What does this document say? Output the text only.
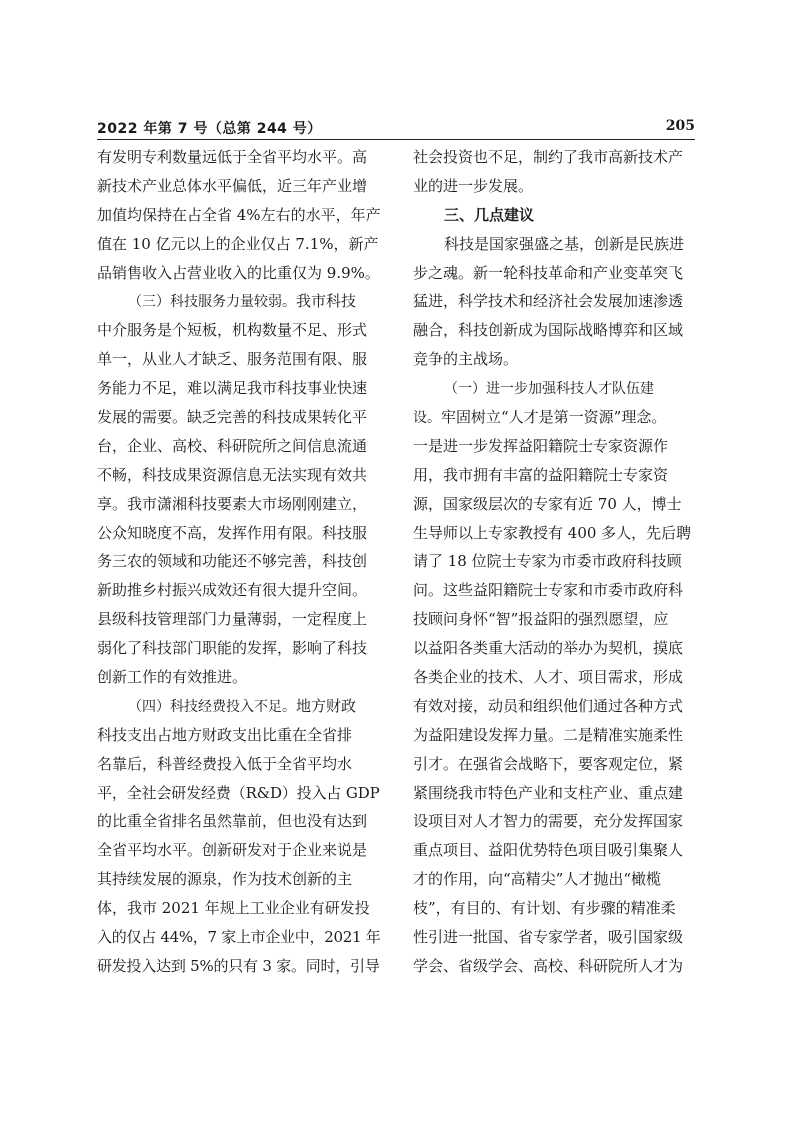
2022 年第 7 号（总第 244 号）	205
有发明专利数量远低于全省平均水平。高
新技术产业总体水平偏低，近三年产业增
加值均保持在占全省 4%左右的水平，年产
值在 10 亿元以上的企业仅占 7.1%，新产
品销售收入占营业收入的比重仅为 9.9%。
（三）科技服务力量较弱。我市科技
中介服务是个短板，机构数量不足、形式
单一，从业人才缺乏、服务范围有限、服
务能力不足，难以满足我市科技事业快速
发展的需要。缺乏完善的科技成果转化平
台，企业、高校、科研院所之间信息流通
不畅，科技成果资源信息无法实现有效共
享。我市潇湘科技要素大市场刚刚建立，
公众知晓度不高，发挥作用有限。科技服
务三农的领域和功能还不够完善，科技创
新助推乡村振兴成效还有很大提升空间。
县级科技管理部门力量薄弱，一定程度上
弱化了科技部门职能的发挥，影响了科技
创新工作的有效推进。
（四）科技经费投入不足。地方财政
科技支出占地方财政支出比重在全省排
名靠后，科普经费投入低于全省平均水
平，全社会研发经费（R&D）投入占 GDP
的比重全省排名虽然靠前，但也没有达到
全省平均水平。创新研发对于企业来说是
其持续发展的源泉，作为技术创新的主
体，我市 2021 年规上工业企业有研发投
入的仅占 44%，7 家上市企业中，2021 年
研发投入达到 5%的只有 3 家。同时，引导
社会投资也不足，制约了我市高新技术产
业的进一步发展。
三、几点建议
科技是国家强盛之基，创新是民族进
步之魂。新一轮科技革命和产业变革突飞
猛进，科学技术和经济社会发展加速渗透
融合，科技创新成为国际战略博弈和区域
竞争的主战场。
（一）进一步加强科技人才队伍建
设。牢固树立“人才是第一资源”理念。
一是进一步发挥益阳籍院士专家资源作
用，我市拥有丰富的益阳籍院士专家资
源，国家级层次的专家有近 70 人，博士
生导师以上专家教授有 400 多人，先后聘
请了 18 位院士专家为市委市政府科技顾
问。这些益阳籍院士专家和市委市政府科
技顾问身怀“智”报益阳的强烈愿望，应
以益阳各类重大活动的举办为契机，摸底
各类企业的技术、人才、项目需求，形成
有效对接，动员和组织他们通过各种方式
为益阳建设发挥力量。二是精准实施柔性
引才。在强省会战略下，要客观定位，紧
紧围绕我市特色产业和支柱产业、重点建
设项目对人才智力的需要，充分发挥国家
重点项目、益阳优势特色项目吸引集聚人
才的作用，向“高精尖”人才抛出“橄榄
枝”，有目的、有计划、有步骤的精准柔
性引进一批国、省专家学者，吸引国家级
学会、省级学会、高校、科研院所人才为
